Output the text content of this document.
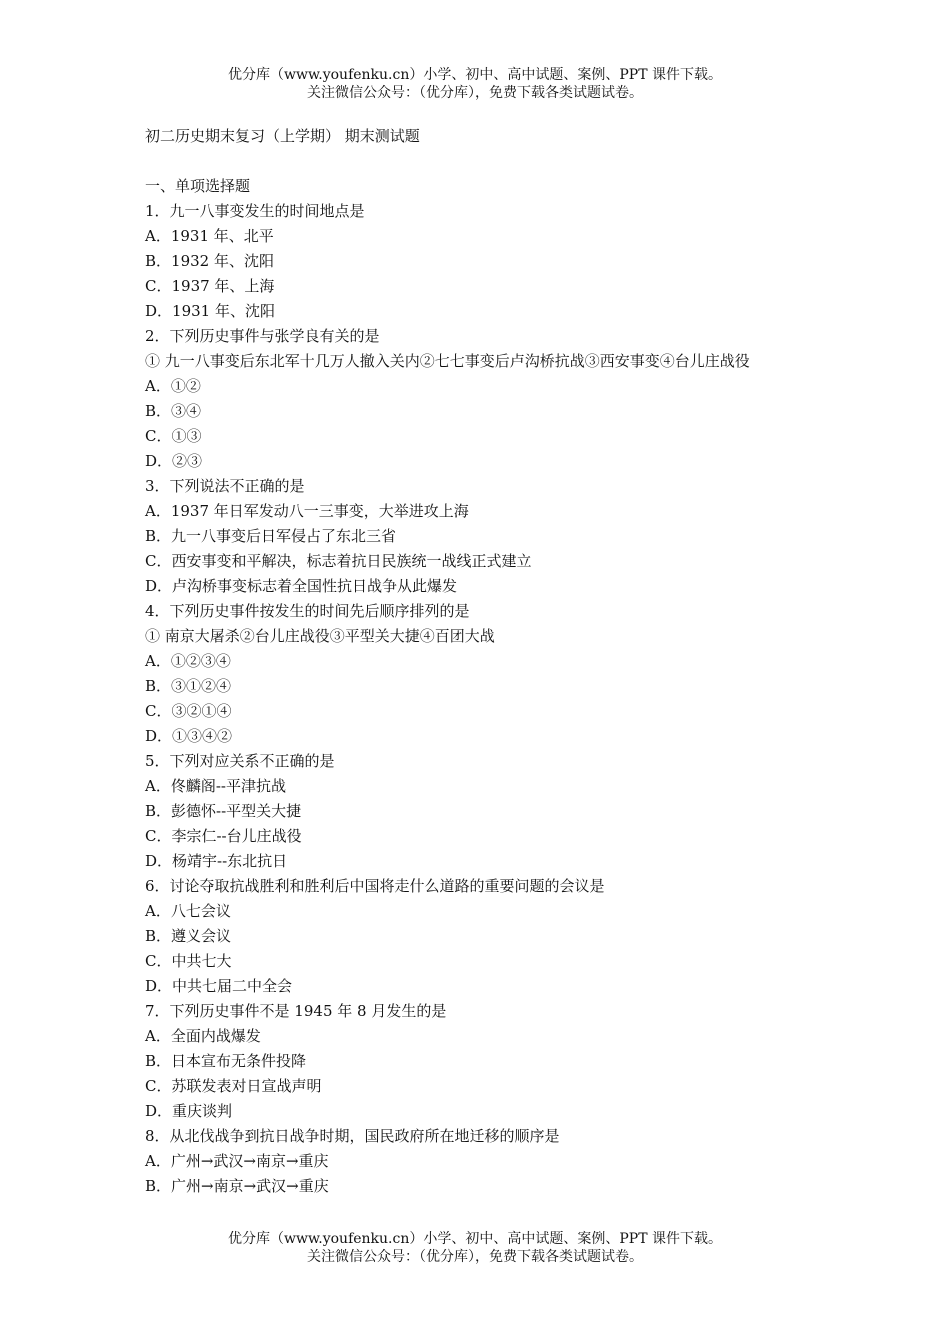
优分库（www.youfenku.cn）小学、初中、高中试题、案例、PPT 课件下载。
关注微信公众号：（优分库），免费下载各类试题试卷。
初二历史期末复习（上学期） 期末测试题
一、单项选择题
1．九一八事变发生的时间地点是
A．1931 年、北平
B．1932 年、沈阳
C．1937 年、上海
D．1931 年、沈阳
2．下列历史事件与张学良有关的是
① 九一八事变后东北军十几万人撤入关内②七七事变后卢沟桥抗战③西安事变④台儿庄战役
A．①②
B．③④
C．①③
D．②③
3．下列说法不正确的是
A．1937 年日军发动八一三事变，大举进攻上海
B．九一八事变后日军侵占了东北三省
C．西安事变和平解决，标志着抗日民族统一战线正式建立
D．卢沟桥事变标志着全国性抗日战争从此爆发
4．下列历史事件按发生的时间先后顺序排列的是
① 南京大屠杀②台儿庄战役③平型关大捷④百团大战
A．①②③④
B．③①②④
C．③②①④
D．①③④②
5．下列对应关系不正确的是
A．佟麟阁--平津抗战
B．彭德怀--平型关大捷
C．李宗仁--台儿庄战役
D．杨靖宇--东北抗日
6．讨论夺取抗战胜利和胜利后中国将走什么道路的重要问题的会议是
A．八七会议
B．遵义会议
C．中共七大
D．中共七届二中全会
7．下列历史事件不是 1945 年 8 月发生的是
A．全面内战爆发
B．日本宣布无条件投降
C．苏联发表对日宣战声明
D．重庆谈判
8．从北伐战争到抗日战争时期，国民政府所在地迁移的顺序是
A．广州→武汉→南京→重庆
B．广州→南京→武汉→重庆
优分库（www.youfenku.cn）小学、初中、高中试题、案例、PPT 课件下载。
关注微信公众号：（优分库），免费下载各类试题试卷。
